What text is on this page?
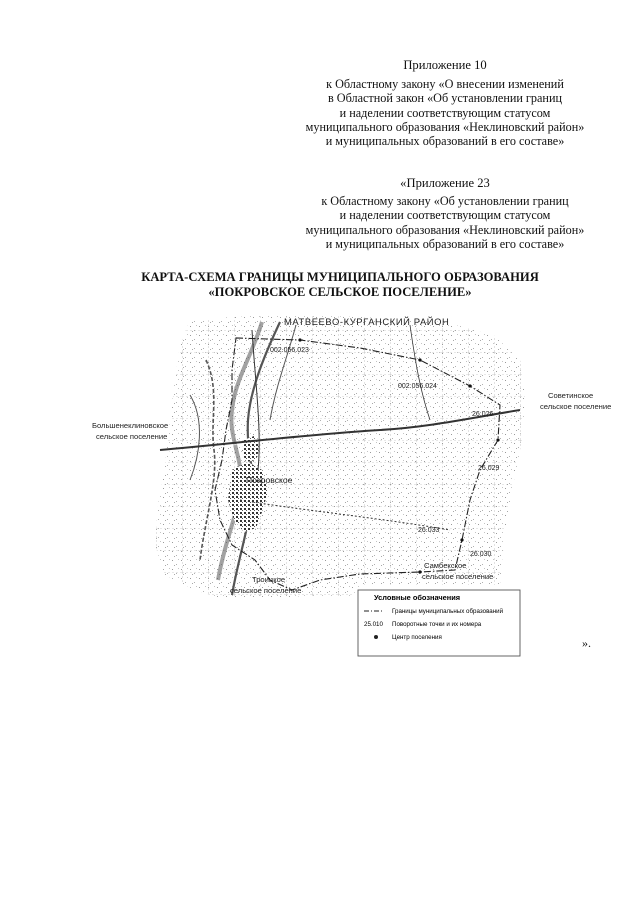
Приложение 10
к Областному закону «О внесении изменений
в Областной закон «Об установлении границ
и наделении соответствующим статусом
муниципального образования «Неклиновский район»
и муниципальных образований в его составе»
«Приложение 23
к Областному закону «Об установлении границ
и наделении соответствующим статусом
муниципального образования «Неклиновский район»
и муниципальных образований в его составе»
КАРТА-СХЕМА ГРАНИЦЫ МУНИЦИПАЛЬНОГО ОБРАЗОВАНИЯ
«ПОКРОВСКОЕ СЕЛЬСКОЕ ПОСЕЛЕНИЕ»
МАТВЕЕВО-КУРГАНСКИЙ РАЙОН
002.056.023
002.056.024
26.026
26.029
26.033
26.030
Покровское
Большенеклиновское
сельское поселение
Советинское
сельское поселение
Троицкое
сельское поселение
Самбекское
сельское поселение
Условные обозначения
Границы муниципальных образований
25.010 Поворотные точки и их номера
Центр поселения	».
